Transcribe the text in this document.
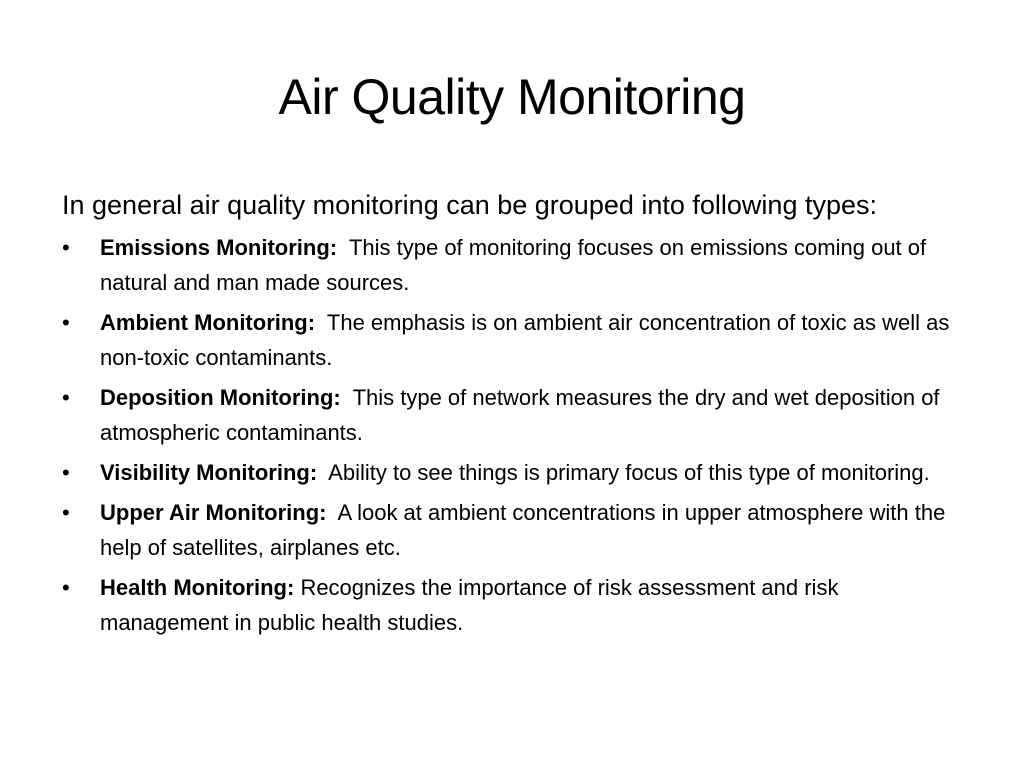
Air Quality Monitoring

In general air quality monitoring can be grouped into following types:

•	Emissions Monitoring: This type of monitoring focuses on emissions coming out of natural and man made sources.
•	Ambient Monitoring: The emphasis is on ambient air concentration of toxic as well as non-toxic contaminants.
•	Deposition Monitoring: This type of network measures the dry and wet deposition of atmospheric contaminants.
•	Visibility Monitoring: Ability to see things is primary focus of this type of monitoring.
•	Upper Air Monitoring: A look at ambient concentrations in upper atmosphere with the help of satellites, airplanes etc.
•	Health Monitoring: Recognizes the importance of risk assessment and risk management in public health studies.
